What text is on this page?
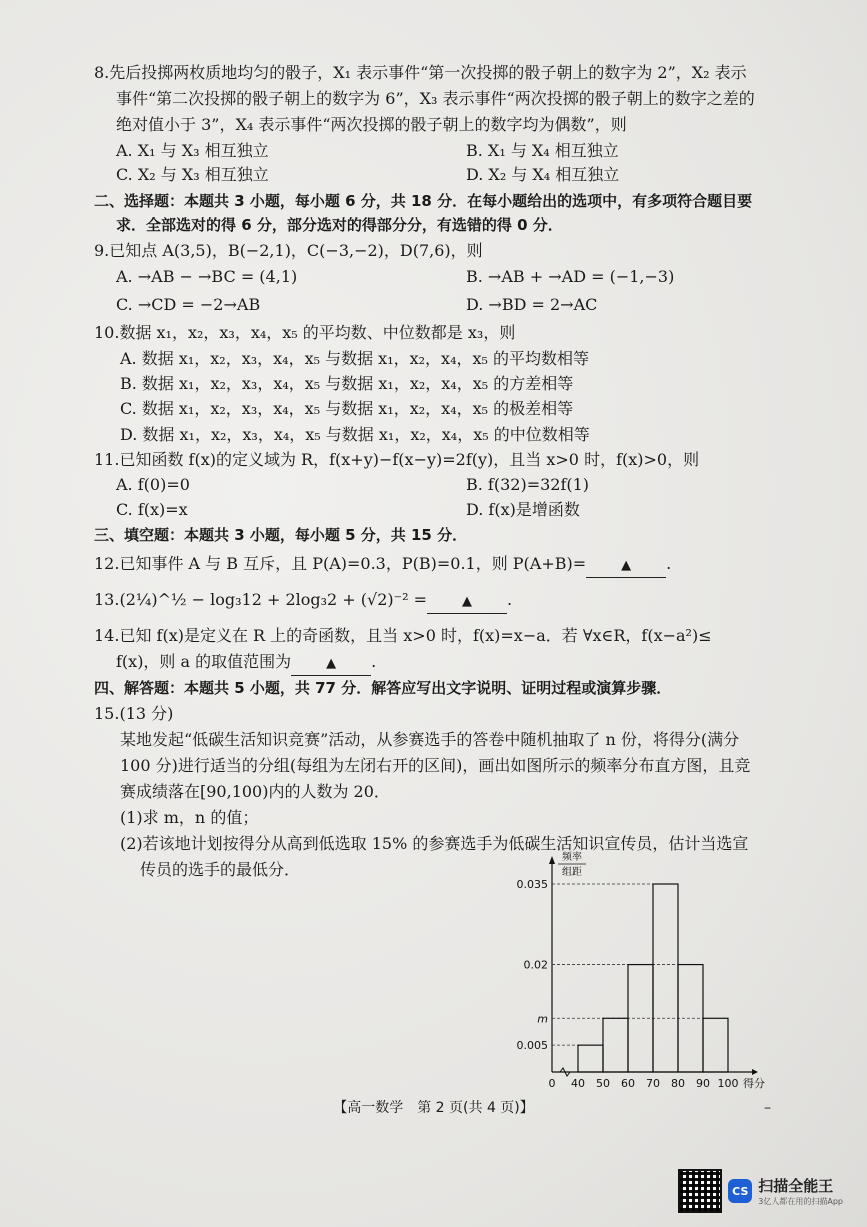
8.先后投掷两枚质地均匀的骰子，X₁ 表示事件“第一次投掷的骰子朝上的数字为 2”，X₂ 表示
事件“第二次投掷的骰子朝上的数字为 6”，X₃ 表示事件“两次投掷的骰子朝上的数字之差的
绝对值小于 3”，X₄ 表示事件“两次投掷的骰子朝上的数字均为偶数”，则
A. X₁ 与 X₃ 相互独立	B. X₁ 与 X₄ 相互独立
C. X₂ 与 X₃ 相互独立	D. X₂ 与 X₄ 相互独立
二、选择题：本题共 3 小题，每小题 6 分，共 18 分．在每小题给出的选项中，有多项符合题目要
求．全部选对的得 6 分，部分选对的得部分分，有选错的得 0 分．
9.已知点 A(3,5)，B(−2,1)，C(−3,−2)，D(7,6)，则
A. →AB − →BC = (4,1)	B. →AB + →AD = (−1,−3)
C. →CD = −2→AB	D. →BD = 2→AC
10.数据 x₁，x₂，x₃，x₄，x₅ 的平均数、中位数都是 x₃，则
A. 数据 x₁，x₂，x₃，x₄，x₅ 与数据 x₁，x₂，x₄，x₅ 的平均数相等
B. 数据 x₁，x₂，x₃，x₄，x₅ 与数据 x₁，x₂，x₄，x₅ 的方差相等
C. 数据 x₁，x₂，x₃，x₄，x₅ 与数据 x₁，x₂，x₄，x₅ 的极差相等
D. 数据 x₁，x₂，x₃，x₄，x₅ 与数据 x₁，x₂，x₄，x₅ 的中位数相等
11.已知函数 f(x)的定义域为 R，f(x+y)−f(x−y)=2f(y)，且当 x>0 时，f(x)>0，则
A. f(0)=0	B. f(32)=32f(1)
C. f(x)=x	D. f(x)是增函数
三、填空题：本题共 3 小题，每小题 5 分，共 15 分．
12.已知事件 A 与 B 互斥，且 P(A)=0.3，P(B)=0.1，则 P(A+B)=	▲ .
13.(2¼)^½ − log₃12 + 2log₃2 + (√2)⁻² =	▲ .
14.已知 f(x)是定义在 R 上的奇函数，且当 x>0 时，f(x)=x−a．若 ∀x∈R，f(x−a²)≤
f(x)，则 a 的取值范围为	▲ .
四、解答题：本题共 5 小题，共 77 分．解答应写出文字说明、证明过程或演算步骤．
15.(13 分)
某地发起“低碳生活知识竞赛”活动，从参赛选手的答卷中随机抽取了 n 份，将得分(满分
100 分)进行适当的分组(每组为左闭右开的区间)，画出如图所示的频率分布直方图，且竞
赛成绩落在[90,100)内的人数为 20．
(1)求 m，n 的值；
(2)若该地计划按得分从高到低选取 15% 的参赛选手为低碳生活知识宣传员，估计当选宣
传员的选手的最低分．
0.005
m
0.02
0.035
0 40 50 60 70 80 90 100 得分
频率
组距
【高一数学　第 2 页(共 4 页)】	–
CS 扫描全能王
3亿人都在用的扫描App
